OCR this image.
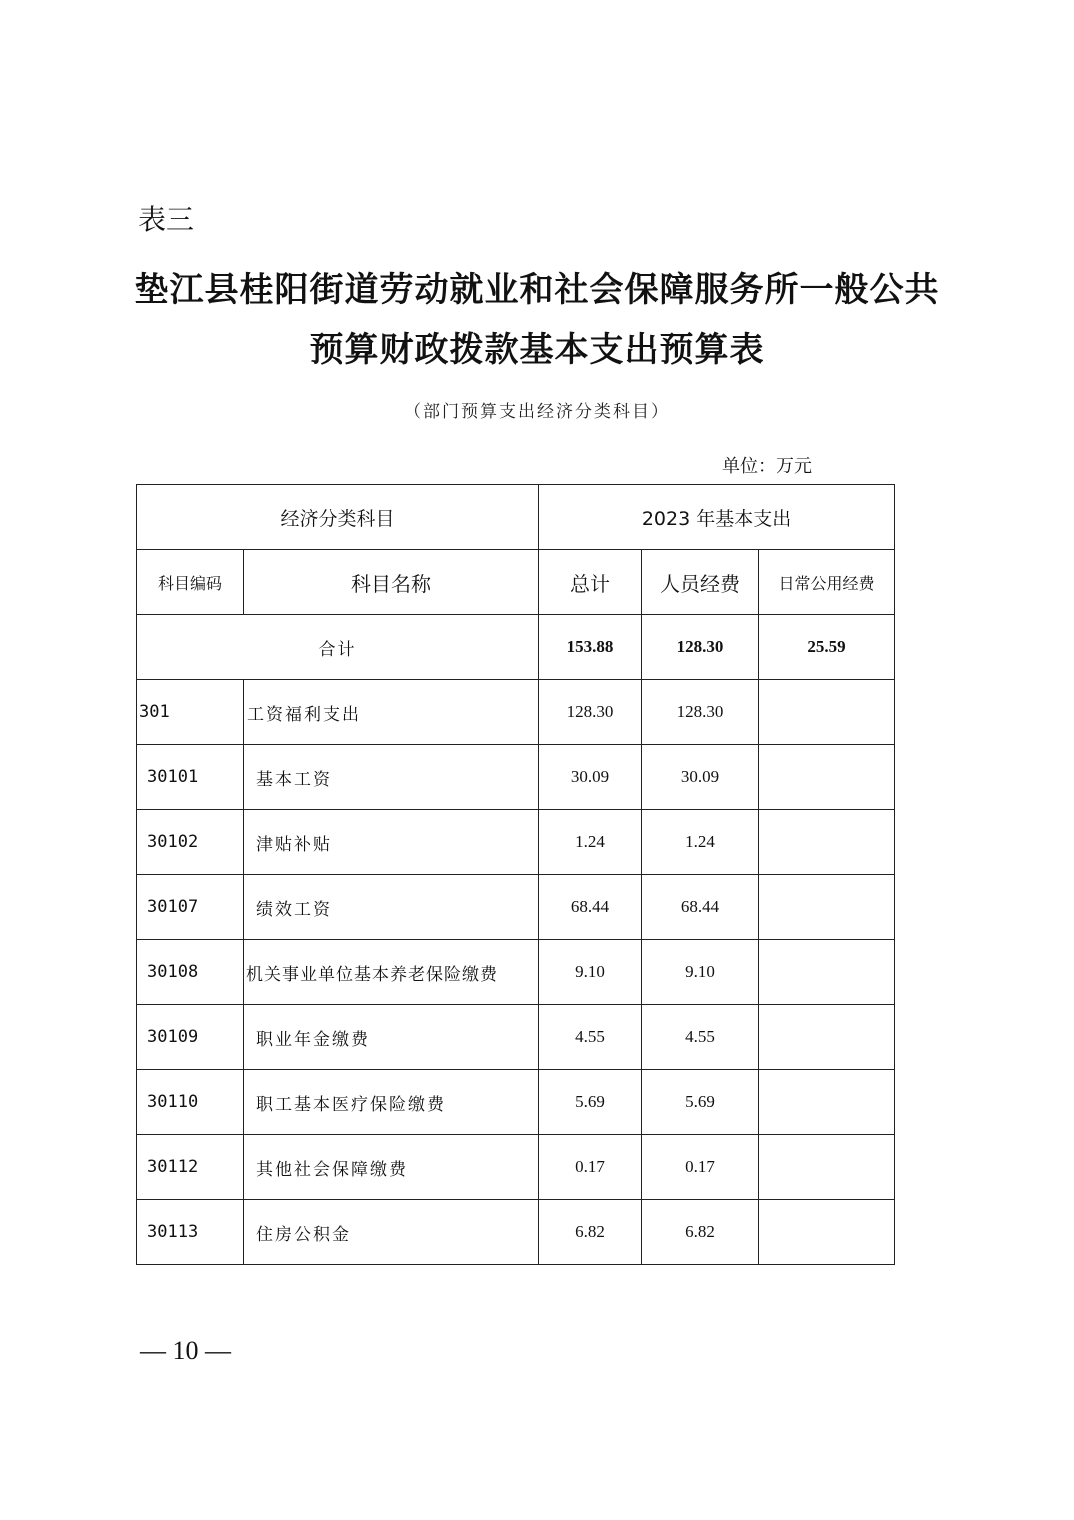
表三
垫江县桂阳街道劳动就业和社会保障服务所一般公共
预算财政拨款基本支出预算表
（部门预算支出经济分类科目）
单位：万元
经济分类科目		2023 年基本支出		
科目编码	科目名称	总计	人员经费	日常公用经费
合计		153.88	128.30	25.59
301	工资福利支出	128.30	128.30	
30101	基本工资	30.09	30.09	
30102	津贴补贴	1.24	1.24	
30107	绩效工资	68.44	68.44	
30108	机关事业单位基本养老保险缴费	9.10	9.10	
30109	职业年金缴费	4.55	4.55	
30110	职工基本医疗保险缴费	5.69	5.69	
30112	其他社会保障缴费	0.17	0.17	
30113	住房公积金	6.82	6.82	
— 10 —
